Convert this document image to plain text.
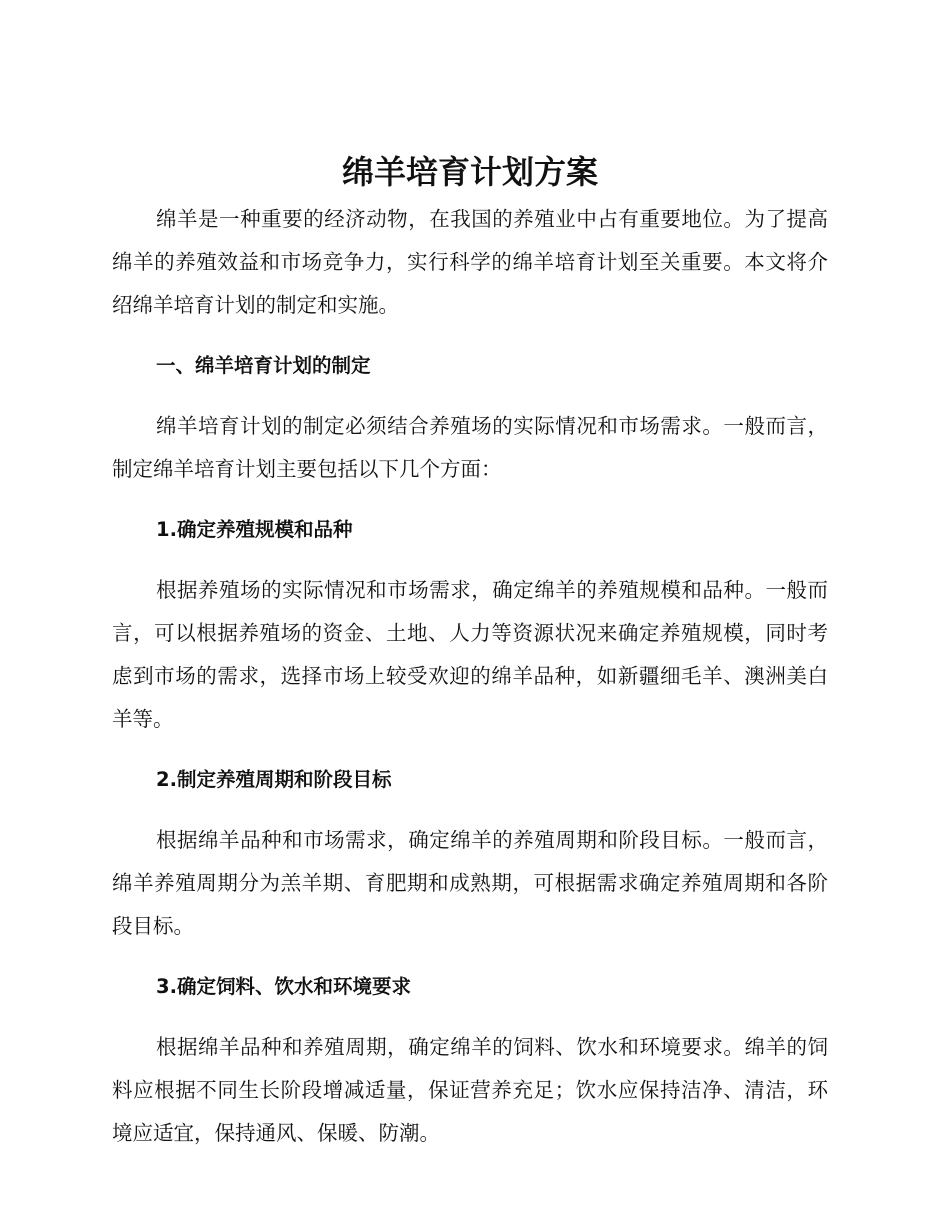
绵羊培育计划方案

绵羊是一种重要的经济动物，在我国的养殖业中占有重要地位。为了提高绵羊的养殖效益和市场竞争力，实行科学的绵羊培育计划至关重要。本文将介绍绵羊培育计划的制定和实施。

一、绵羊培育计划的制定

绵羊培育计划的制定必须结合养殖场的实际情况和市场需求。一般而言，制定绵羊培育计划主要包括以下几个方面：

1.确定养殖规模和品种

根据养殖场的实际情况和市场需求，确定绵羊的养殖规模和品种。一般而言，可以根据养殖场的资金、土地、人力等资源状况来确定养殖规模，同时考虑到市场的需求，选择市场上较受欢迎的绵羊品种，如新疆细毛羊、澳洲美白羊等。

2.制定养殖周期和阶段目标

根据绵羊品种和市场需求，确定绵羊的养殖周期和阶段目标。一般而言，绵羊养殖周期分为羔羊期、育肥期和成熟期，可根据需求确定养殖周期和各阶段目标。

3.确定饲料、饮水和环境要求

根据绵羊品种和养殖周期，确定绵羊的饲料、饮水和环境要求。绵羊的饲料应根据不同生长阶段增减适量，保证营养充足；饮水应保持洁净、清洁，环境应适宜，保持通风、保暖、防潮。
